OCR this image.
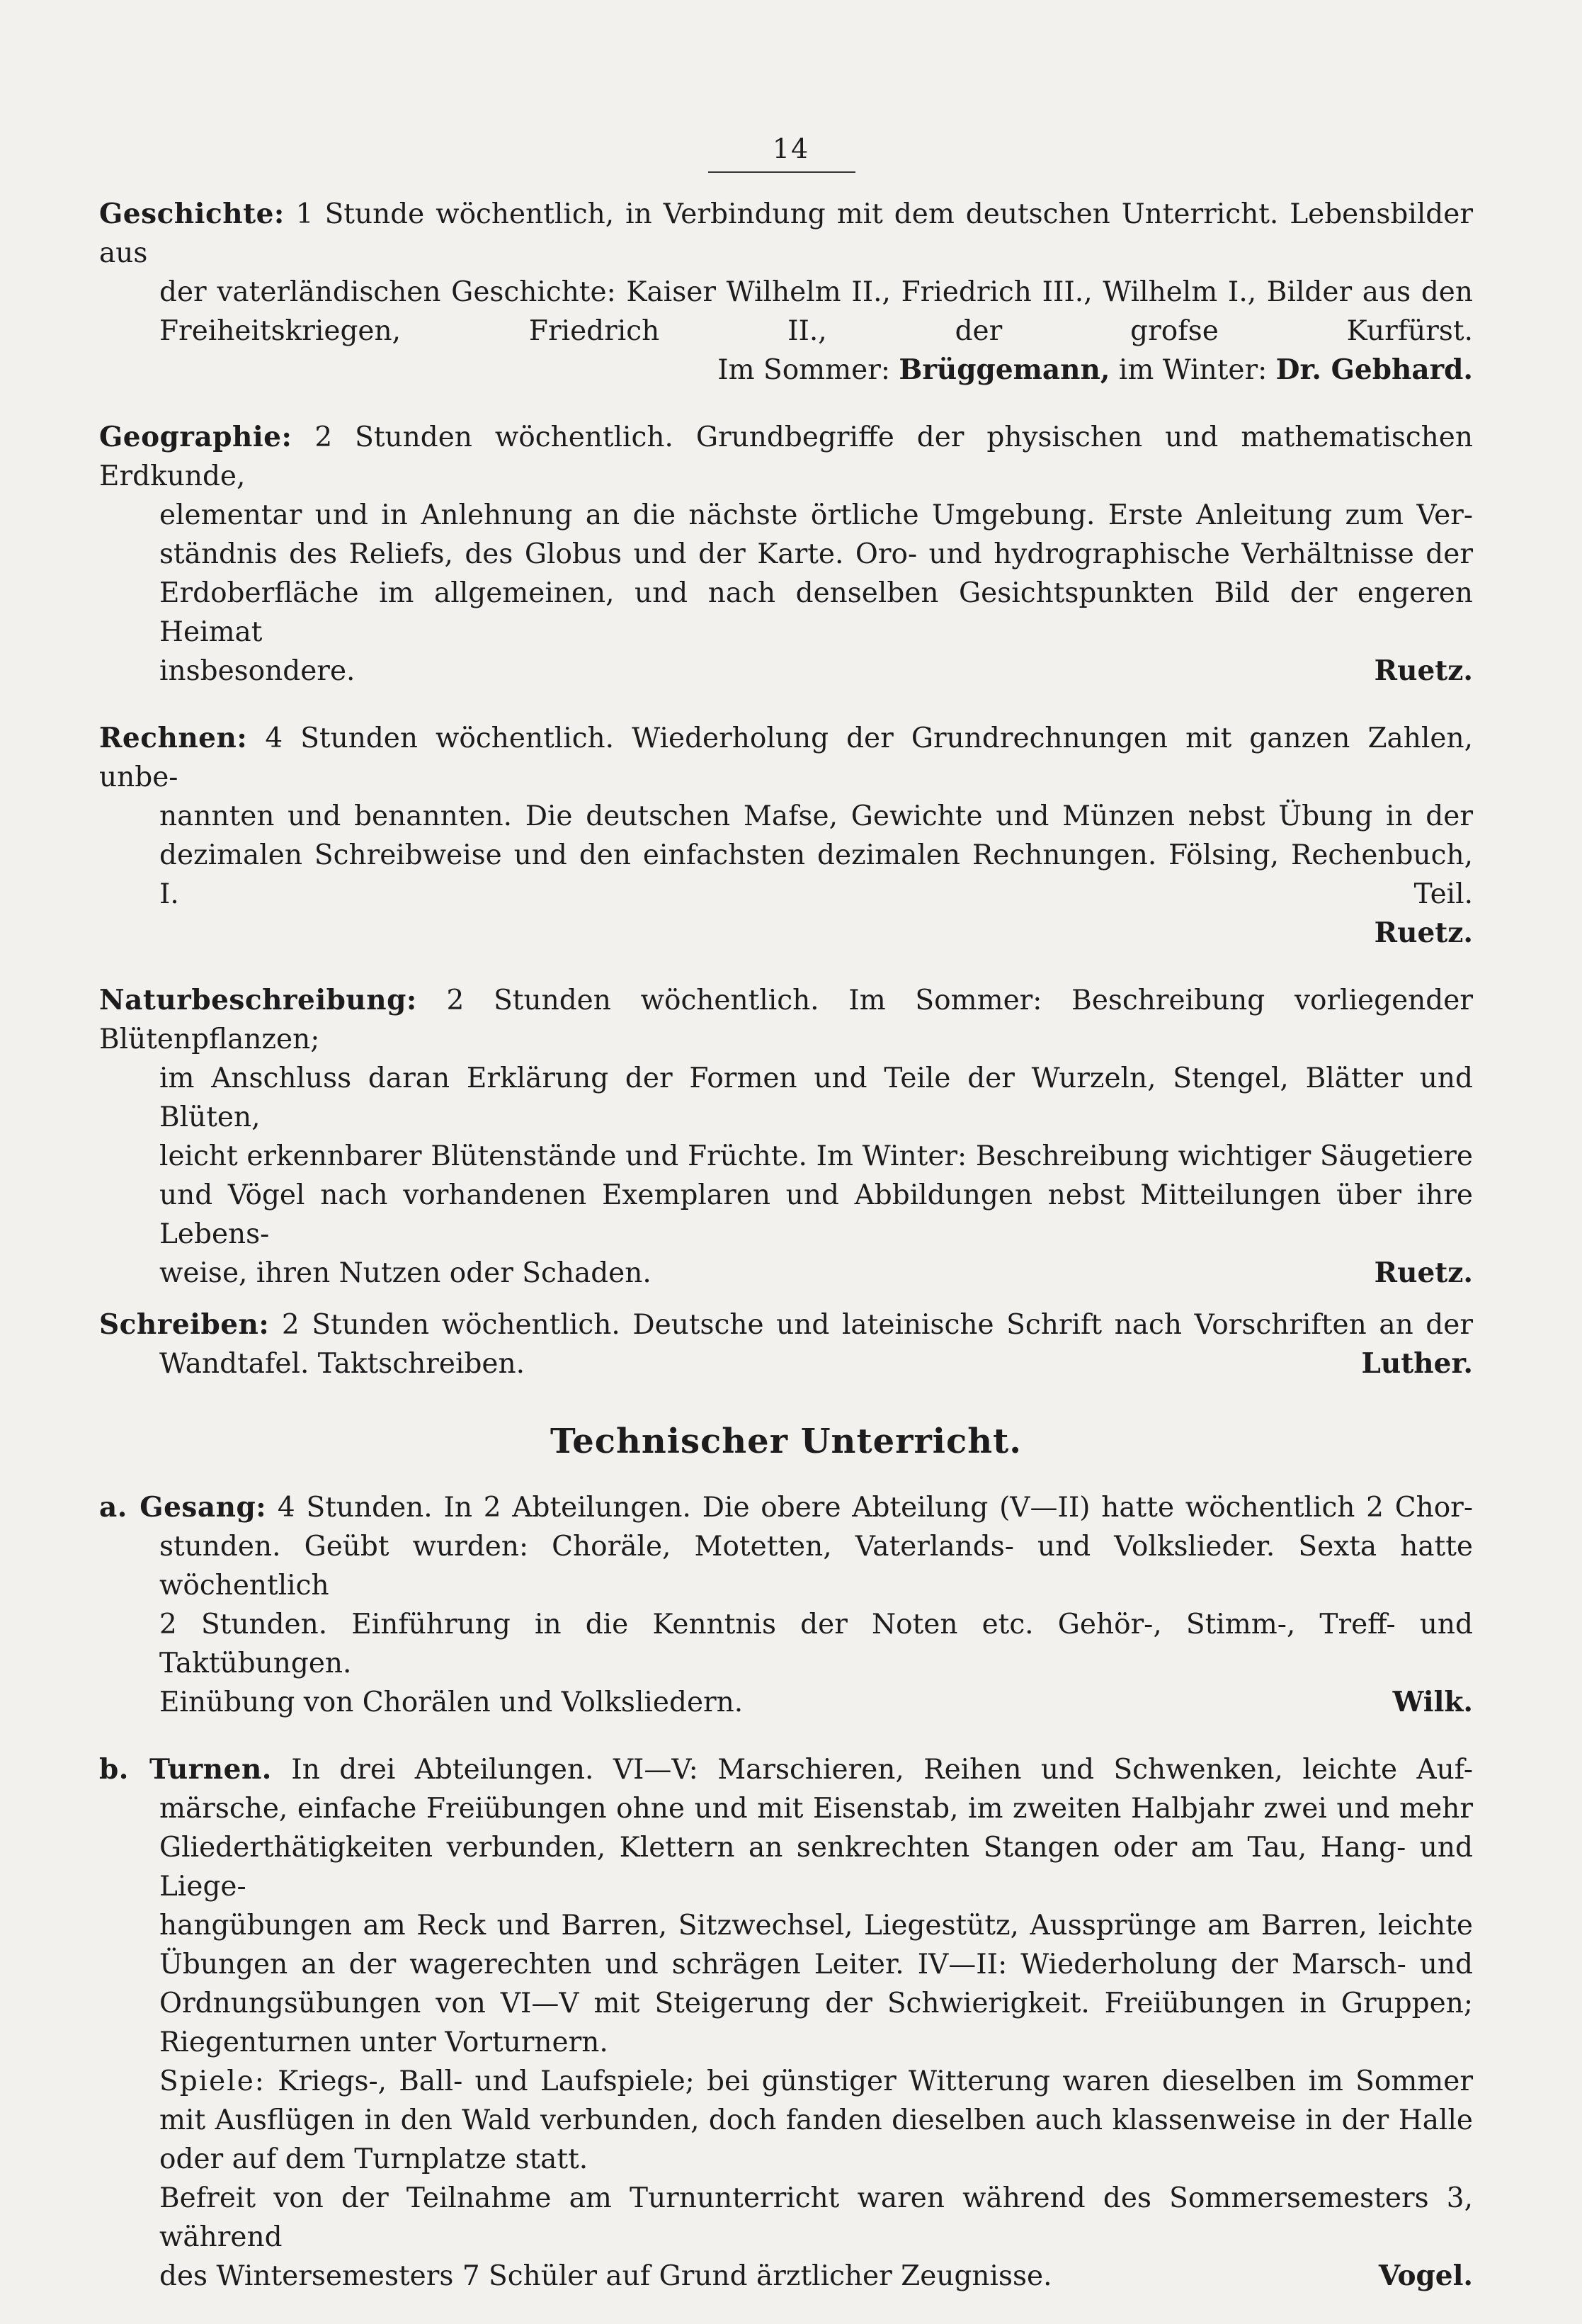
14
Geschichte: 1 Stunde wöchentlich, in Verbindung mit dem deutschen Unterricht. Lebensbilder aus
der vaterländischen Geschichte: Kaiser Wilhelm II., Friedrich III., Wilhelm I., Bilder aus den
Freiheitskriegen, Friedrich II., der grofse Kurfürst.
Im Sommer: Brüggemann, im Winter: Dr. Gebhard.
Geographie: 2 Stunden wöchentlich. Grundbegriffe der physischen und mathematischen Erdkunde,
elementar und in Anlehnung an die nächste örtliche Umgebung. Erste Anleitung zum Ver-
ständnis des Reliefs, des Globus und der Karte. Oro- und hydrographische Verhältnisse der
Erdoberfläche im allgemeinen, und nach denselben Gesichtspunkten Bild der engeren Heimat
insbesondere.	Ruetz.
Rechnen: 4 Stunden wöchentlich. Wiederholung der Grundrechnungen mit ganzen Zahlen, unbe-
nannten und benannten. Die deutschen Mafse, Gewichte und Münzen nebst Übung in der
dezimalen Schreibweise und den einfachsten dezimalen Rechnungen. Fölsing, Rechenbuch, I. Teil.
Ruetz.
Naturbeschreibung: 2 Stunden wöchentlich. Im Sommer: Beschreibung vorliegender Blütenpflanzen;
im Anschluss daran Erklärung der Formen und Teile der Wurzeln, Stengel, Blätter und Blüten,
leicht erkennbarer Blütenstände und Früchte. Im Winter: Beschreibung wichtiger Säugetiere
und Vögel nach vorhandenen Exemplaren und Abbildungen nebst Mitteilungen über ihre Lebens-
weise, ihren Nutzen oder Schaden.	Ruetz.
Schreiben: 2 Stunden wöchentlich. Deutsche und lateinische Schrift nach Vorschriften an der
Wandtafel. Taktschreiben.	Luther.
Technischer Unterricht.
a. Gesang: 4 Stunden. In 2 Abteilungen. Die obere Abteilung (V—II) hatte wöchentlich 2 Chor-
stunden. Geübt wurden: Choräle, Motetten, Vaterlands- und Volkslieder. Sexta hatte wöchentlich
2 Stunden. Einführung in die Kenntnis der Noten etc. Gehör-, Stimm-, Treff- und Taktübungen.
Einübung von Chorälen und Volksliedern.	Wilk.
b. Turnen. In drei Abteilungen. VI—V: Marschieren, Reihen und Schwenken, leichte Auf-
märsche, einfache Freiübungen ohne und mit Eisenstab, im zweiten Halbjahr zwei und mehr
Gliederthätigkeiten verbunden, Klettern an senkrechten Stangen oder am Tau, Hang- und Liege-
hangübungen am Reck und Barren, Sitzwechsel, Liegestütz, Aussprünge am Barren, leichte
Übungen an der wagerechten und schrägen Leiter. IV—II: Wiederholung der Marsch- und
Ordnungsübungen von VI—V mit Steigerung der Schwierigkeit. Freiübungen in Gruppen;
Riegenturnen unter Vorturnern.
Spiele: Kriegs-, Ball- und Laufspiele; bei günstiger Witterung waren dieselben im Sommer
mit Ausflügen in den Wald verbunden, doch fanden dieselben auch klassenweise in der Halle
oder auf dem Turnplatze statt.
Befreit von der Teilnahme am Turnunterricht waren während des Sommersemesters 3, während
des Wintersemesters 7 Schüler auf Grund ärztlicher Zeugnisse.	Vogel.
